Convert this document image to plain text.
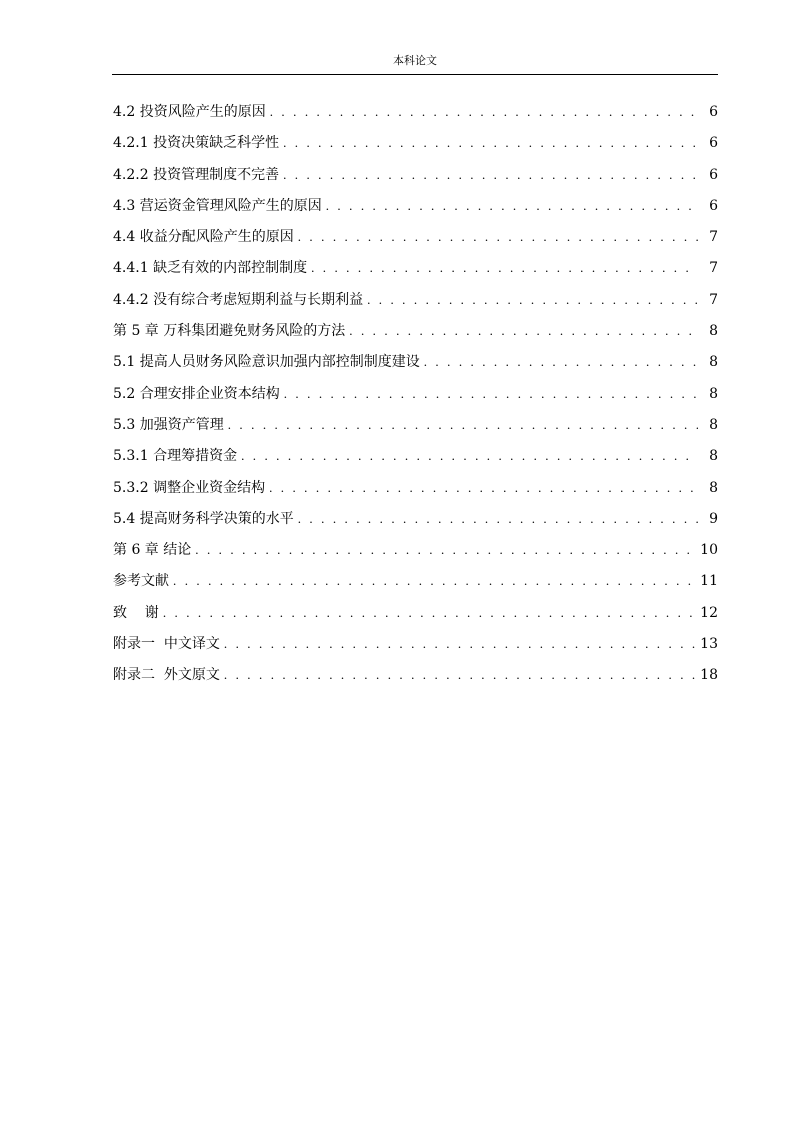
本科论文
4.2 投资风险产生的原因 . . .	6
4.2.1 投资决策缺乏科学性 . . .	6
4.2.2 投资管理制度不完善 . . .	6
4.3 营运资金管理风险产生的原因 . . .	6
4.4 收益分配风险产生的原因 . . .	7
4.4.1 缺乏有效的内部控制制度 . . .	7
4.4.2 没有综合考虑短期利益与长期利益 . . .	7
第 5 章 万科集团避免财务风险的方法 . . .	8
5.1 提高人员财务风险意识加强内部控制制度建设 . . .	8
5.2 合理安排企业资本结构 . . .	8
5.3 加强资产管理 . . .	8
5.3.1 合理筹措资金 . . .	8
5.3.2 调整企业资金结构 . . .	8
5.4 提高财务科学决策的水平 . . .	9
第 6 章 结论 . . .	10
参考文献 . . .	11
致    谢 . . .	12
附录一  中文译文 . . .	13
附录二  外文原文 . . .	18
